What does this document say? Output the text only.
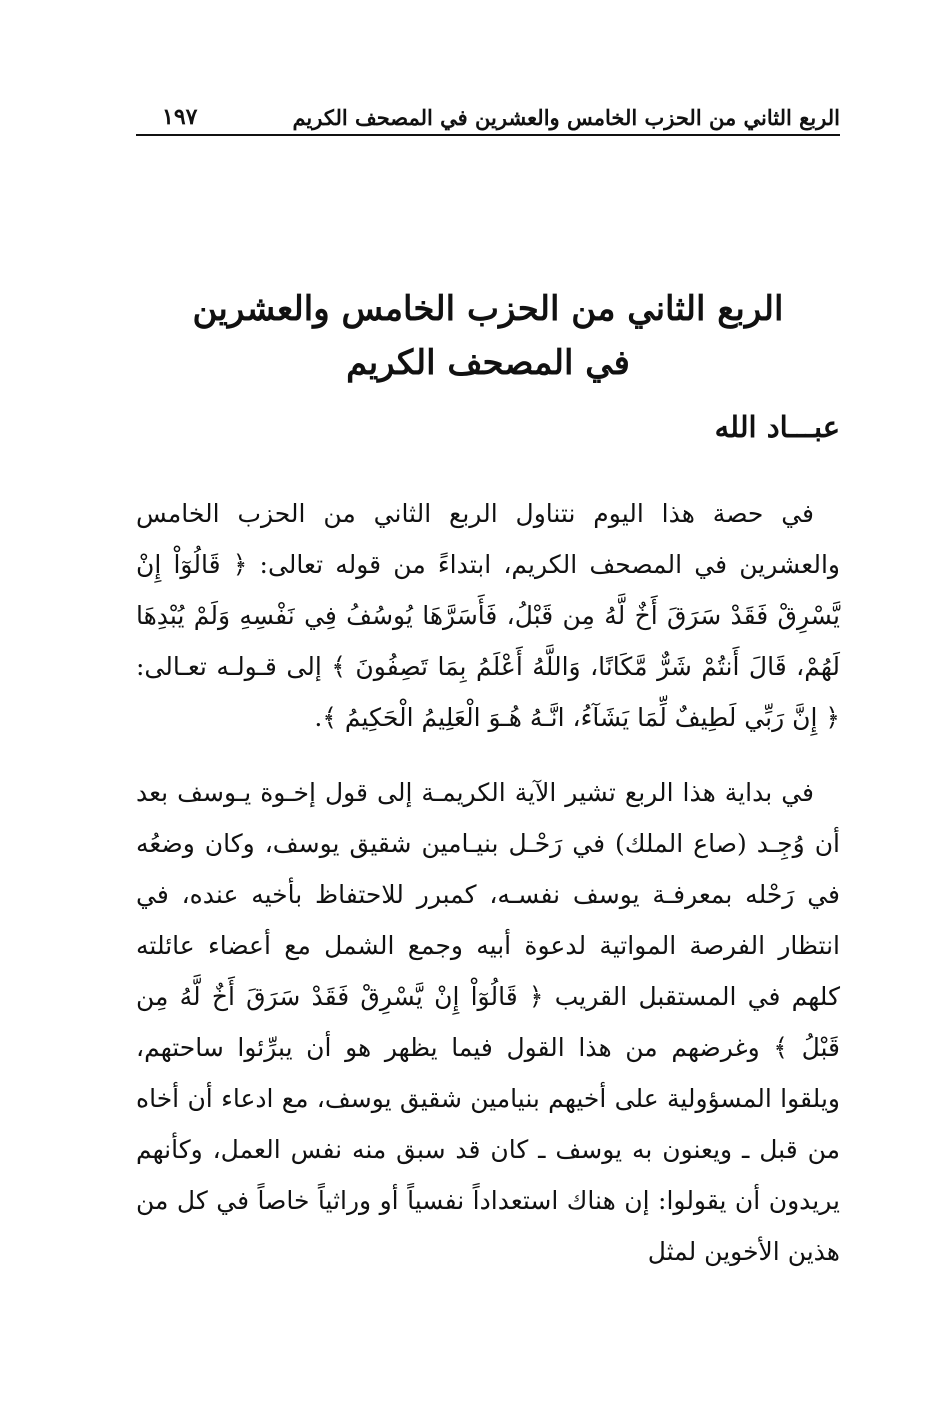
الربع الثاني من الحزب الخامس والعشرين في المصحف الكريم
١٩٧
الربع الثاني من الحزب الخامس والعشرين
في المصحف الكريم
عبـــاد الله

في حصة هذا اليوم نتناول الربع الثاني من الحزب الخامس والعشرين في المصحف الكريم، ابتداءً من قوله تعالى: ﴿ قَالُوٓاْ إِنْ يَّسْرِقْ فَقَدْ سَرَقَ أَخٌ لَّهُ مِن قَبْلُ، فَأَسَرَّهَا يُوسُفُ فِي نَفْسِهِ وَلَمْ يُبْدِهَا لَهُمْ، قَالَ أَنتُمْ شَرٌّ مَّكَانًا، وَاللَّهُ أَعْلَمُ بِمَا تَصِفُونَ ﴾ إلى قـولـه تعـالى: ﴿ إِنَّ رَبِّي لَطِيفٌ لِّمَا يَشَآءُ، انَّـهُ هُـوَ الْعَلِيمُ الْحَكِيمُ ﴾.

في بداية هذا الربع تشير الآية الكريمـة إلى قول إخـوة يـوسف بعد أن وُجِـد (صاع الملك) في رَحْـل بنيـامين شقيق يوسف، وكان وضعُه في رَحْله بمعرفـة يوسف نفسـه، كمبرر للاحتفاظ بأخيه عنده، في انتظار الفرصة المواتية لدعوة أبيه وجمع الشمل مع أعضاء عائلته كلهم في المستقبل القريب ﴿ قَالُوٓاْ إِنْ يَّسْرِقْ فَقَدْ سَرَقَ أَخٌ لَّهُ مِن قَبْلُ ﴾ وغرضهم من هذا القول فيما يظهر هو أن يبرِّئوا ساحتهم، ويلقوا المسؤولية على أخيهم بنيامين شقيق يوسف، مع ادعاء أن أخاه من قبل ـ ويعنون به يوسف ـ كان قد سبق منه نفس العمل، وكأنهم يريدون أن يقولوا: إن هناك استعداداً نفسياً أو وراثياً خاصاً في كل من هذين الأخوين لمثل
